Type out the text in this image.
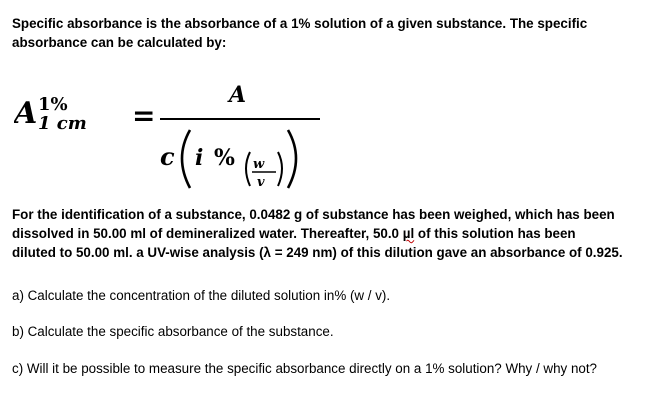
Specific absorbance is the absorbance of a 1% solution of a given substance. The specific
absorbance can be calculated by:
A 1%
1 cm =
A
c i % w
v
For the identification of a substance, 0.0482 g of substance has been weighed, which has been
dissolved in 50.00 ml of demineralized water. Thereafter, 50.0 µl of this solution has been
diluted to 50.00 ml. a UV-wise analysis (λ = 249 nm) of this dilution gave an absorbance of 0.925.

a) Calculate the concentration of the diluted solution in% (w / v).

b) Calculate the specific absorbance of the substance.

c) Will it be possible to measure the specific absorbance directly on a 1% solution? Why / why not?
